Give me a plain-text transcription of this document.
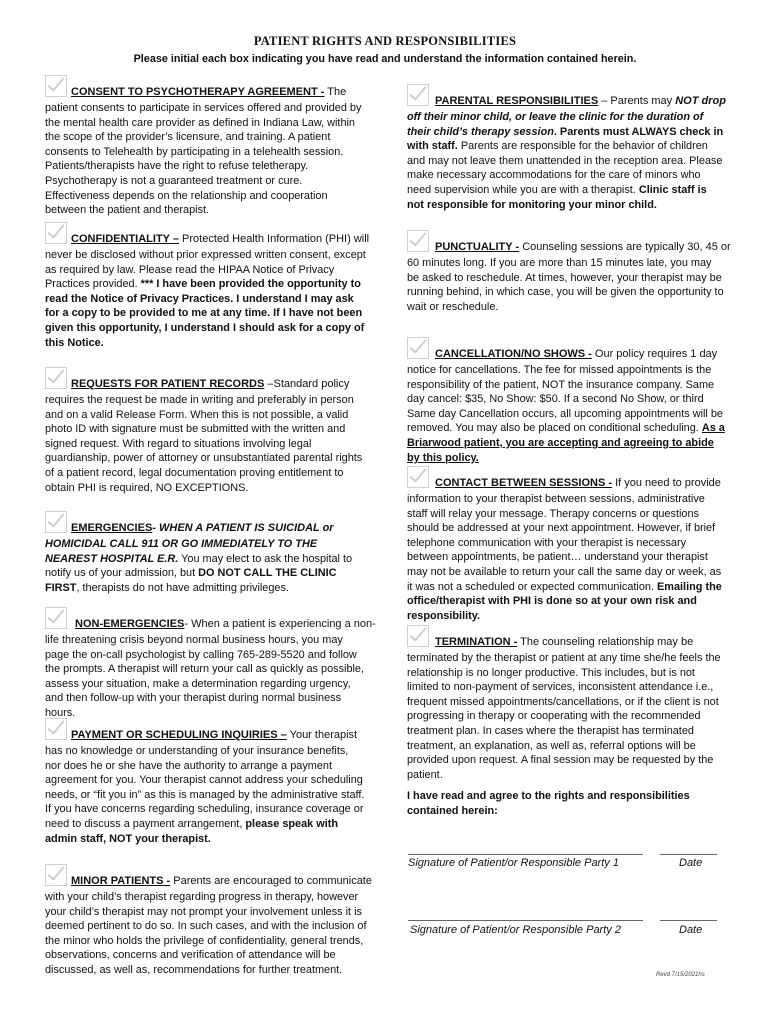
PATIENT RIGHTS AND RESPONSIBILITIES
Please initial each box indicating you have read and understand the information contained herein.
CONSENT TO PSYCHOTHERAPY AGREEMENT - The
patient consents to participate in services offered and provided by the mental health care provider as defined in Indiana Law, within the scope of the provider’s licensure, and training. A patient consents to Telehealth by participating in a telehealth session. Patients/therapists have the right to refuse teletherapy. Psychotherapy is not a guaranteed treatment or cure. Effectiveness depends on the relationship and cooperation between the patient and therapist.
CONFIDENTIALITY – Protected Health Information (PHI) will
never be disclosed without prior expressed written consent, except as required by law. Please read the HIPAA Notice of Privacy Practices provided. *** I have been provided the opportunity to read the Notice of Privacy Practices. I understand I may ask for a copy to be provided to me at any time. If I have not been given this opportunity, I understand I should ask for a copy of this Notice.
REQUESTS FOR PATIENT RECORDS –Standard policy
requires the request be made in writing and preferably in person and on a valid Release Form. When this is not possible, a valid photo ID with signature must be submitted with the written and signed request. With regard to situations involving legal guardianship, power of attorney or unsubstantiated parental rights of a patient record, legal documentation proving entitlement to obtain PHI is required, NO EXCEPTIONS.
EMERGENCIES- WHEN A PATIENT IS SUICIDAL or
HOMICIDAL CALL 911 OR GO IMMEDIATELY TO THE NEAREST HOSPITAL E.R. You may elect to ask the hospital to notify us of your admission, but DO NOT CALL THE CLINIC FIRST, therapists do not have admitting privileges.
NON-EMERGENCIES- When a patient is experiencing a non-
life threatening crisis beyond normal business hours, you may page the on-call psychologist by calling 765-289-5520 and follow the prompts. A therapist will return your call as quickly as possible, assess your situation, make a determination regarding urgency, and then follow-up with your therapist during normal business hours.
PAYMENT OR SCHEDULING INQUIRIES – Your therapist
has no knowledge or understanding of your insurance benefits, nor does he or she have the authority to arrange a payment agreement for you. Your therapist cannot address your scheduling needs, or “fit you in” as this is managed by the administrative staff. If you have concerns regarding scheduling, insurance coverage or need to discuss a payment arrangement, please speak with admin staff, NOT your therapist.
MINOR PATIENTS - Parents are encouraged to communicate
with your child’s therapist regarding progress in therapy, however your child’s therapist may not prompt your involvement unless it is deemed pertinent to do so. In such cases, and with the inclusion of the minor who holds the privilege of confidentiality, general trends, observations, concerns and verification of attendance will be discussed, as well as, recommendations for further treatment.
PARENTAL RESPONSIBILITIES – Parents may NOT drop
off their minor child, or leave the clinic for the duration of their child’s therapy session. Parents must ALWAYS check in with staff. Parents are responsible for the behavior of children and may not leave them unattended in the reception area. Please make necessary accommodations for the care of minors who need supervision while you are with a therapist. Clinic staff is not responsible for monitoring your minor child.
PUNCTUALITY - Counseling sessions are typically 30, 45 or
60 minutes long. If you are more than 15 minutes late, you may be asked to reschedule. At times, however, your therapist may be running behind, in which case, you will be given the opportunity to wait or reschedule.
CANCELLATION/NO SHOWS - Our policy requires 1 day
notice for cancellations. The fee for missed appointments is the responsibility of the patient, NOT the insurance company. Same day cancel: $35, No Show: $50. If a second No Show, or third Same day Cancellation occurs, all upcoming appointments will be removed. You may also be placed on conditional scheduling. As a Briarwood patient, you are accepting and agreeing to abide by this policy.
CONTACT BETWEEN SESSIONS - If you need to provide
information to your therapist between sessions, administrative staff will relay your message. Therapy concerns or questions should be addressed at your next appointment. However, if brief telephone communication with your therapist is necessary between appointments, be patient… understand your therapist may not be available to return your call the same day or week, as it was not a scheduled or expected communication. Emailing the office/therapist with PHI is done so at your own risk and responsibility.
TERMINATION - The counseling relationship may be
terminated by the therapist or patient at any time she/he feels the relationship is no longer productive. This includes, but is not limited to non-payment of services, inconsistent attendance i.e., frequent missed appointments/cancellations, or if the client is not progressing in therapy or cooperating with the recommended treatment plan. In cases where the therapist has terminated treatment, an explanation, as well as, referral options will be provided upon request. A final session may be requested by the patient.
I have read and agree to the rights and responsibilities contained herein:
Signature of Patient/or Responsible Party 1	Date
Signature of Patient/or Responsible Party 2	Date
Revd 7/15/2021hs
